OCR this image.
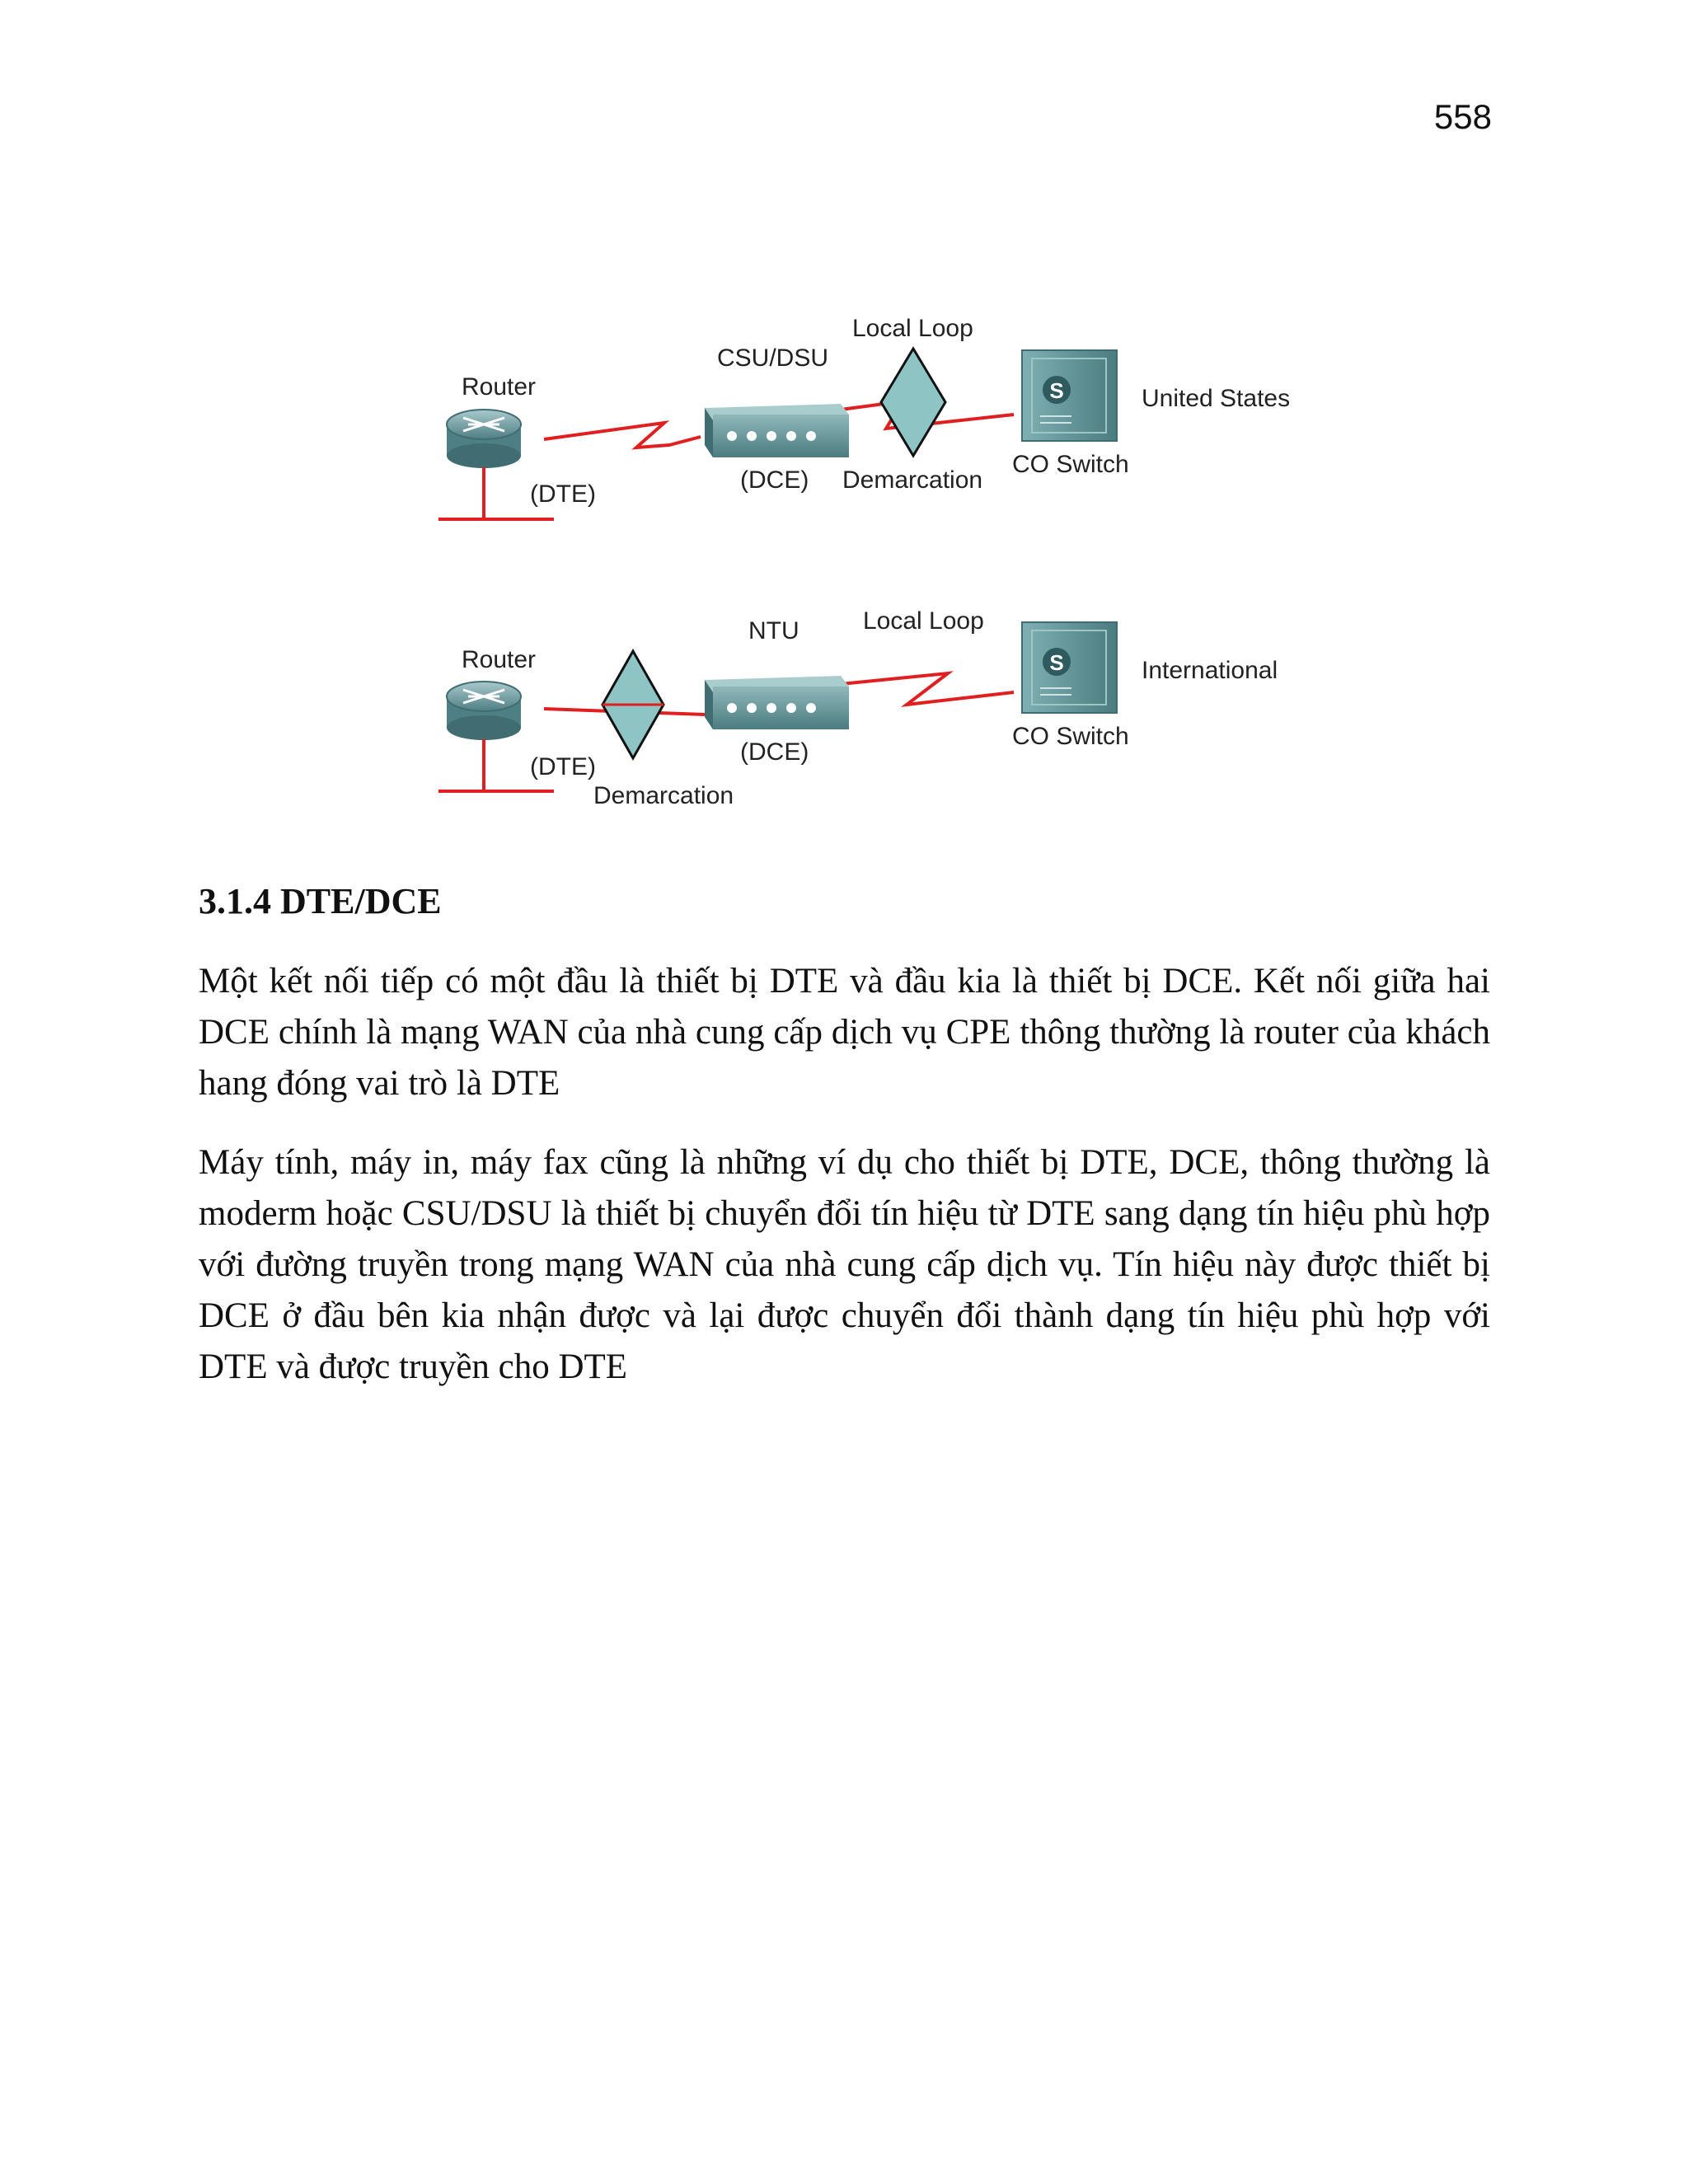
558
S
Router
(DTE)
CSU/DSU
(DCE)
Local Loop
Demarcation
CO Switch
United States
S
Router
(DTE)
NTU
(DCE)
Local Loop
Demarcation
CO Switch
International
3.1.4 DTE/DCE

Một kết nối tiếp có một đầu là thiết bị DTE và đầu kia là thiết bị DCE. Kết nối giữa hai DCE chính là mạng WAN của nhà cung cấp dịch vụ CPE thông thường là router của khách hang đóng vai trò là DTE

Máy tính, máy in, máy fax cũng là những ví dụ cho thiết bị DTE, DCE, thông thường là moderm hoặc CSU/DSU là thiết bị chuyển đổi tín hiệu từ DTE sang dạng tín hiệu phù hợp với đường truyền trong mạng WAN của nhà cung cấp dịch vụ. Tín hiệu này được thiết bị DCE ở đầu bên kia nhận được và lại được chuyển đổi thành dạng tín hiệu phù hợp với DTE và được truyền cho DTE
